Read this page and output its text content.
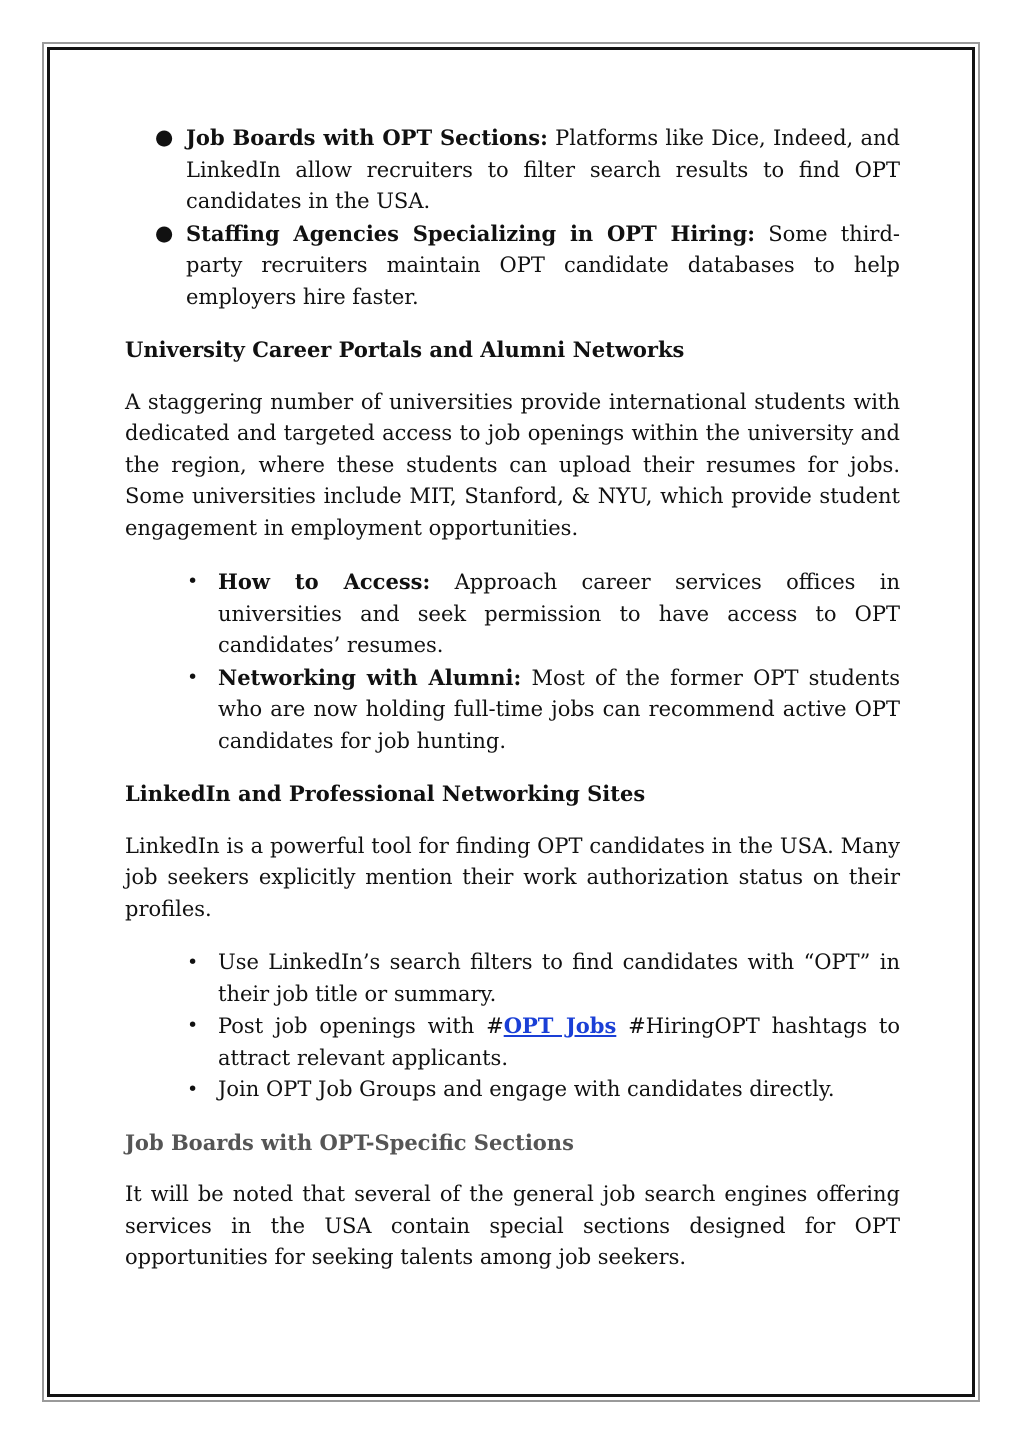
● Job Boards with OPT Sections: Platforms like Dice, Indeed, and LinkedIn allow recruiters to filter search results to find OPT candidates in the USA.
● Staffing Agencies Specializing in OPT Hiring: Some third-party recruiters maintain OPT candidate databases to help employers hire faster.
University Career Portals and Alumni Networks

A staggering number of universities provide international students with dedicated and targeted access to job openings within the university and the region, where these students can upload their resumes for jobs. Some universities include MIT, Stanford, & NYU, which provide student engagement in employment opportunities.

• How to Access: Approach career services offices in universities and seek permission to have access to OPT candidates’ resumes.
• Networking with Alumni: Most of the former OPT students who are now holding full-time jobs can recommend active OPT candidates for job hunting.
LinkedIn and Professional Networking Sites

LinkedIn is a powerful tool for finding OPT candidates in the USA. Many job seekers explicitly mention their work authorization status on their profiles.

• Use LinkedIn’s search filters to find candidates with “OPT” in their job title or summary.
• Post job openings with #OPT Jobs #HiringOPT hashtags to attract relevant applicants.
• Join OPT Job Groups and engage with candidates directly.
Job Boards with OPT-Specific Sections

It will be noted that several of the general job search engines offering services in the USA contain special sections designed for OPT opportunities for seeking talents among job seekers.
